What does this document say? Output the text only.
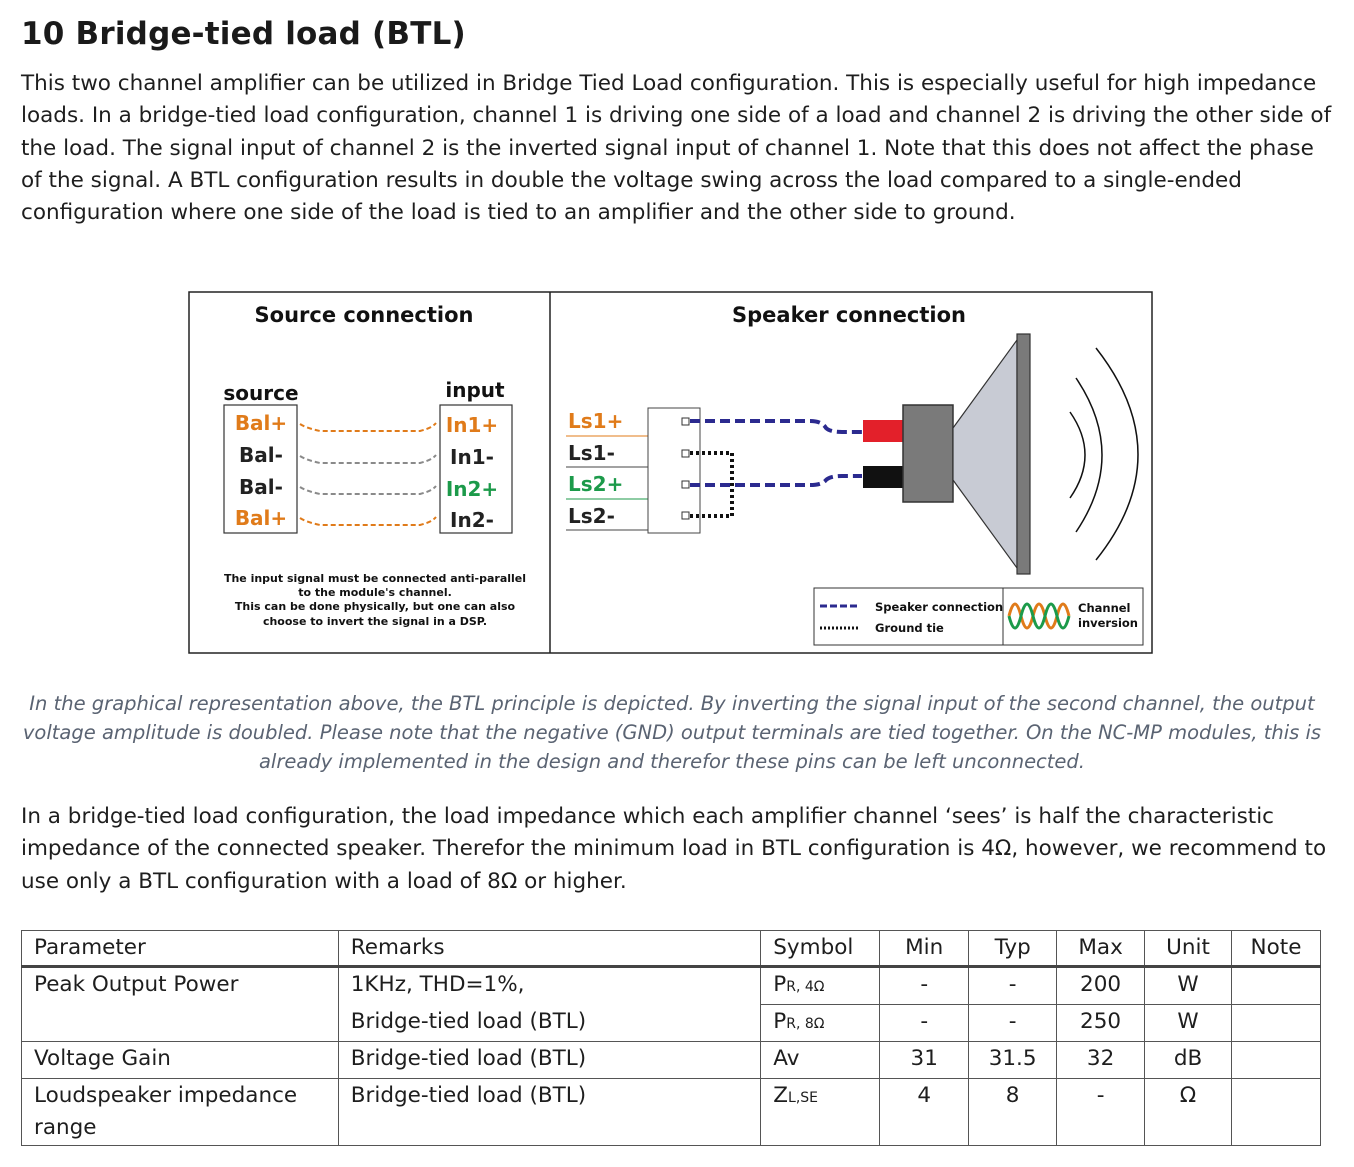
10 Bridge-tied load (BTL)

This two channel amplifier can be utilized in Bridge Tied Load configuration. This is especially useful for high impedance loads. In a bridge-tied load configuration, channel 1 is driving one side of a load and channel 2 is driving the other side of the load. The signal input of channel 2 is the inverted signal input of channel 1. Note that this does not affect the phase of the signal. A BTL configuration results in double the voltage swing across the load compared to a single-ended configuration where one side of the load is tied to an amplifier and the other side to ground.

Source connection
source	input
Bal+
Bal-
Bal-
Bal+
In1+
In1-
In2+
In2-
The input signal must be connected anti-parallel
to the module's channel.
This can be done physically, but one can also
choose to invert the signal in a DSP.
Speaker connection
Ls1+
Ls1-
Ls2+
Ls2-
Speaker connection
Ground tie
Channel
inversion

In the graphical representation above, the BTL principle is depicted. By inverting the signal input of the second channel, the output voltage amplitude is doubled. Please note that the negative (GND) output terminals are tied together. On the NC-MP modules, this is already implemented in the design and therefor these pins can be left unconnected.

In a bridge-tied load configuration, the load impedance which each amplifier channel ‘sees’ is half the characteristic impedance of the connected speaker. Therefor the minimum load in BTL configuration is 4Ω, however, we recommend to use only a BTL configuration with a load of 8Ω or higher.

Parameter	Remarks	Symbol	Min	Typ	Max	Unit	Note
Peak Output Power	1KHz, THD=1%,	PR, 4Ω	-	-	200	W	
	Bridge-tied load (BTL)	PR, 8Ω	-	-	250	W	
Voltage Gain	Bridge-tied load (BTL)	Av	31	31.5	32	dB	
Loudspeaker impedance range	Bridge-tied load (BTL)	ZL,SE	4	8	-	Ω	
